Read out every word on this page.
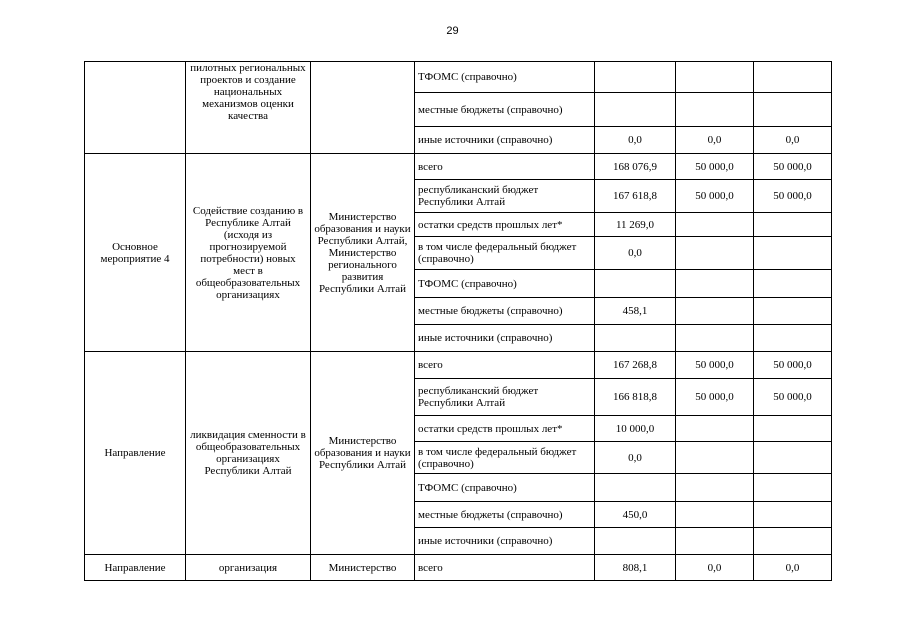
29
	пилотных региональных проектов и создание национальных механизмов оценки качества		ТФОМС (справочно)			
			местные бюджеты (справочно)			
			иные источники (справочно)	0,0	0,0	0,0
Основное мероприятие 4	Содействие созданию в Республике Алтай (исходя из прогнозируемой потребности) новых мест в общеобразовательных организациях	Министерство образования и науки Республики Алтай, Министерство регионального развития Республики Алтай	всего	168 076,9	50 000,0	50 000,0
			республиканский бюджет Республики Алтай	167 618,8	50 000,0	50 000,0
			остатки средств прошлых лет*	11 269,0		
			в том числе федеральный бюджет (справочно)	0,0		
			ТФОМС (справочно)			
			местные бюджеты (справочно)	458,1		
			иные источники (справочно)			
Направление	ликвидация сменности в общеобразовательных организациях Республики Алтай	Министерство образования и науки Республики Алтай	всего	167 268,8	50 000,0	50 000,0
			республиканский бюджет Республики Алтай	166 818,8	50 000,0	50 000,0
			остатки средств прошлых лет*	10 000,0		
			в том числе федеральный бюджет (справочно)	0,0		
			ТФОМС (справочно)			
			местные бюджеты (справочно)	450,0		
			иные источники (справочно)			
Направление	организация	Министерство	всего	808,1	0,0	0,0
